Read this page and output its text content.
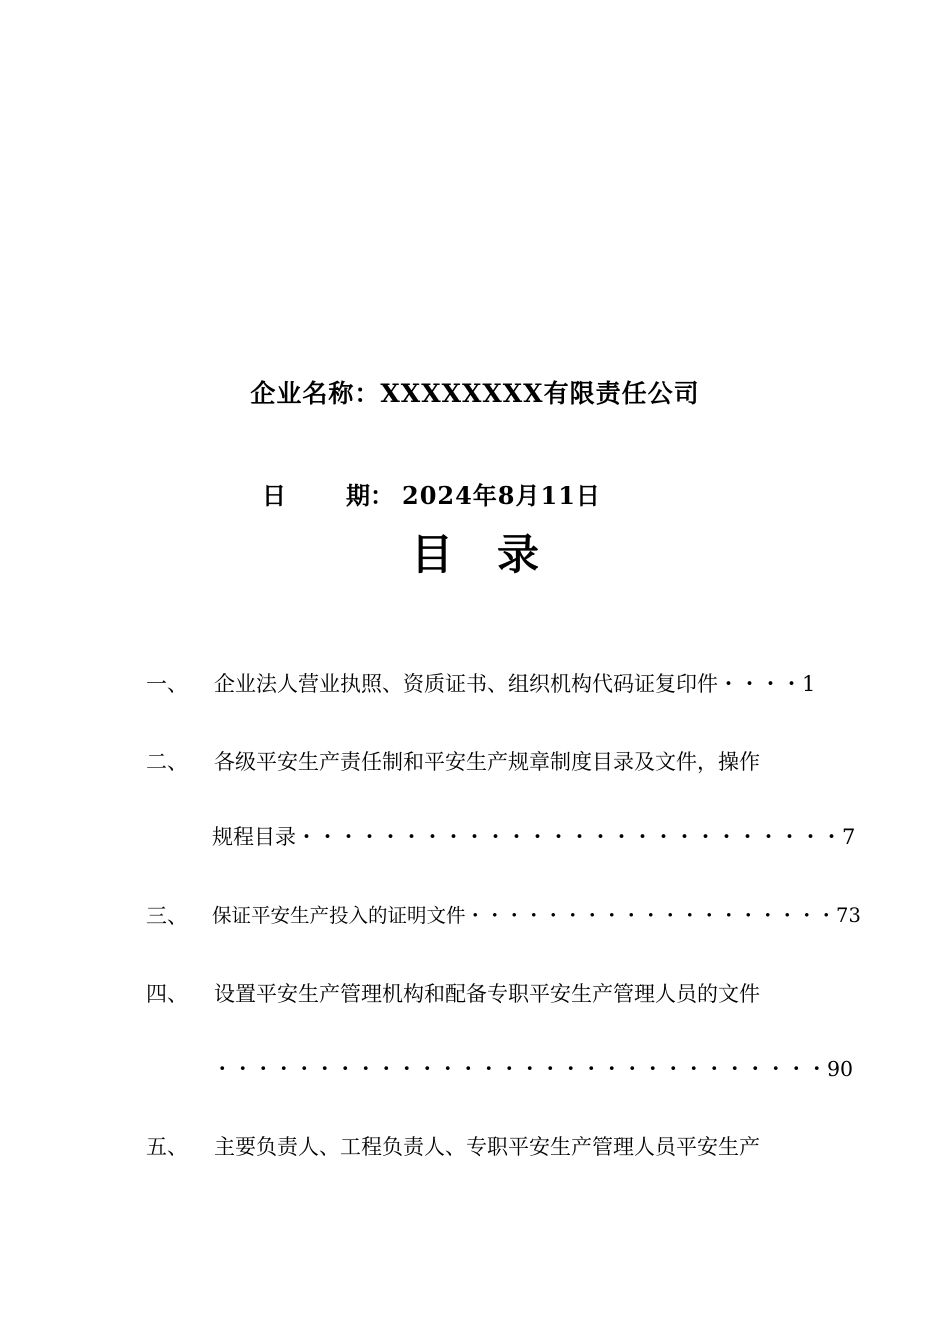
企业名称：XXXXXXXX有限责任公司
日	期： 2024年8月11日
目 录
一、 企业法人营业执照、资质证书、组织机构代码证复印件・・・・1
二、 各级平安生产责任制和平安生产规章制度目录及文件，操作
规程目录・・・・・・・・・・・・・・・・・・・・・・・・・・7
三、 保证平安生产投入的证明文件・・・・・・・・・・・・・・・・・・・73
四、 设置平安生产管理机构和配备专职平安生产管理人员的文件
・・・・・・・・・・・・・・・・・・・・・・・・・・・・・・90
五、 主要负责人、工程负责人、专职平安生产管理人员平安生产
